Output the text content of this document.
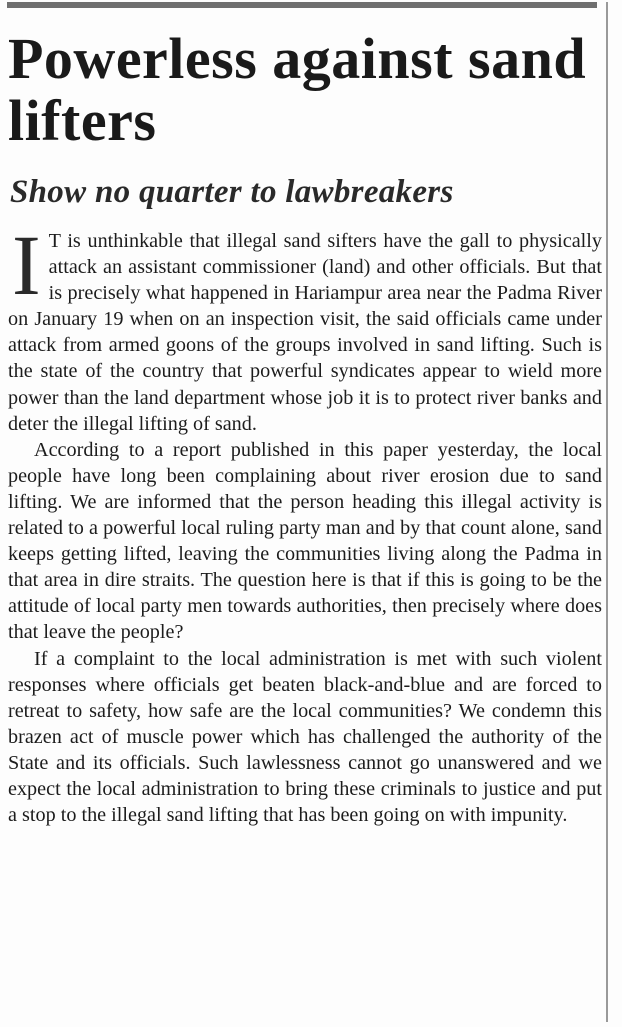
Powerless against sand lifters
Show no quarter to lawbreakers

I T is unthinkable that illegal sand sifters have the gall to physically attack an assistant commissioner (land) and other officials. But that is precisely what happened in Hariampur area near the Padma River on January 19 when on an inspection visit, the said officials came under attack from armed goons of the groups involved in sand lifting. Such is the state of the country that powerful syndicates appear to wield more power than the land department whose job it is to protect river banks and deter the illegal lifting of sand.

According to a report published in this paper yesterday, the local people have long been complaining about river erosion due to sand lifting. We are informed that the person heading this illegal activity is related to a powerful local ruling party man and by that count alone, sand keeps getting lifted, leaving the communities living along the Padma in that area in dire straits. The question here is that if this is going to be the attitude of local party men towards authorities, then precisely where does that leave the people?

If a complaint to the local administration is met with such violent responses where officials get beaten black-and-blue and are forced to retreat to safety, how safe are the local communities? We condemn this brazen act of muscle power which has challenged the authority of the State and its officials. Such lawlessness cannot go unanswered and we expect the local administration to bring these criminals to justice and put a stop to the illegal sand lifting that has been going on with impunity.
